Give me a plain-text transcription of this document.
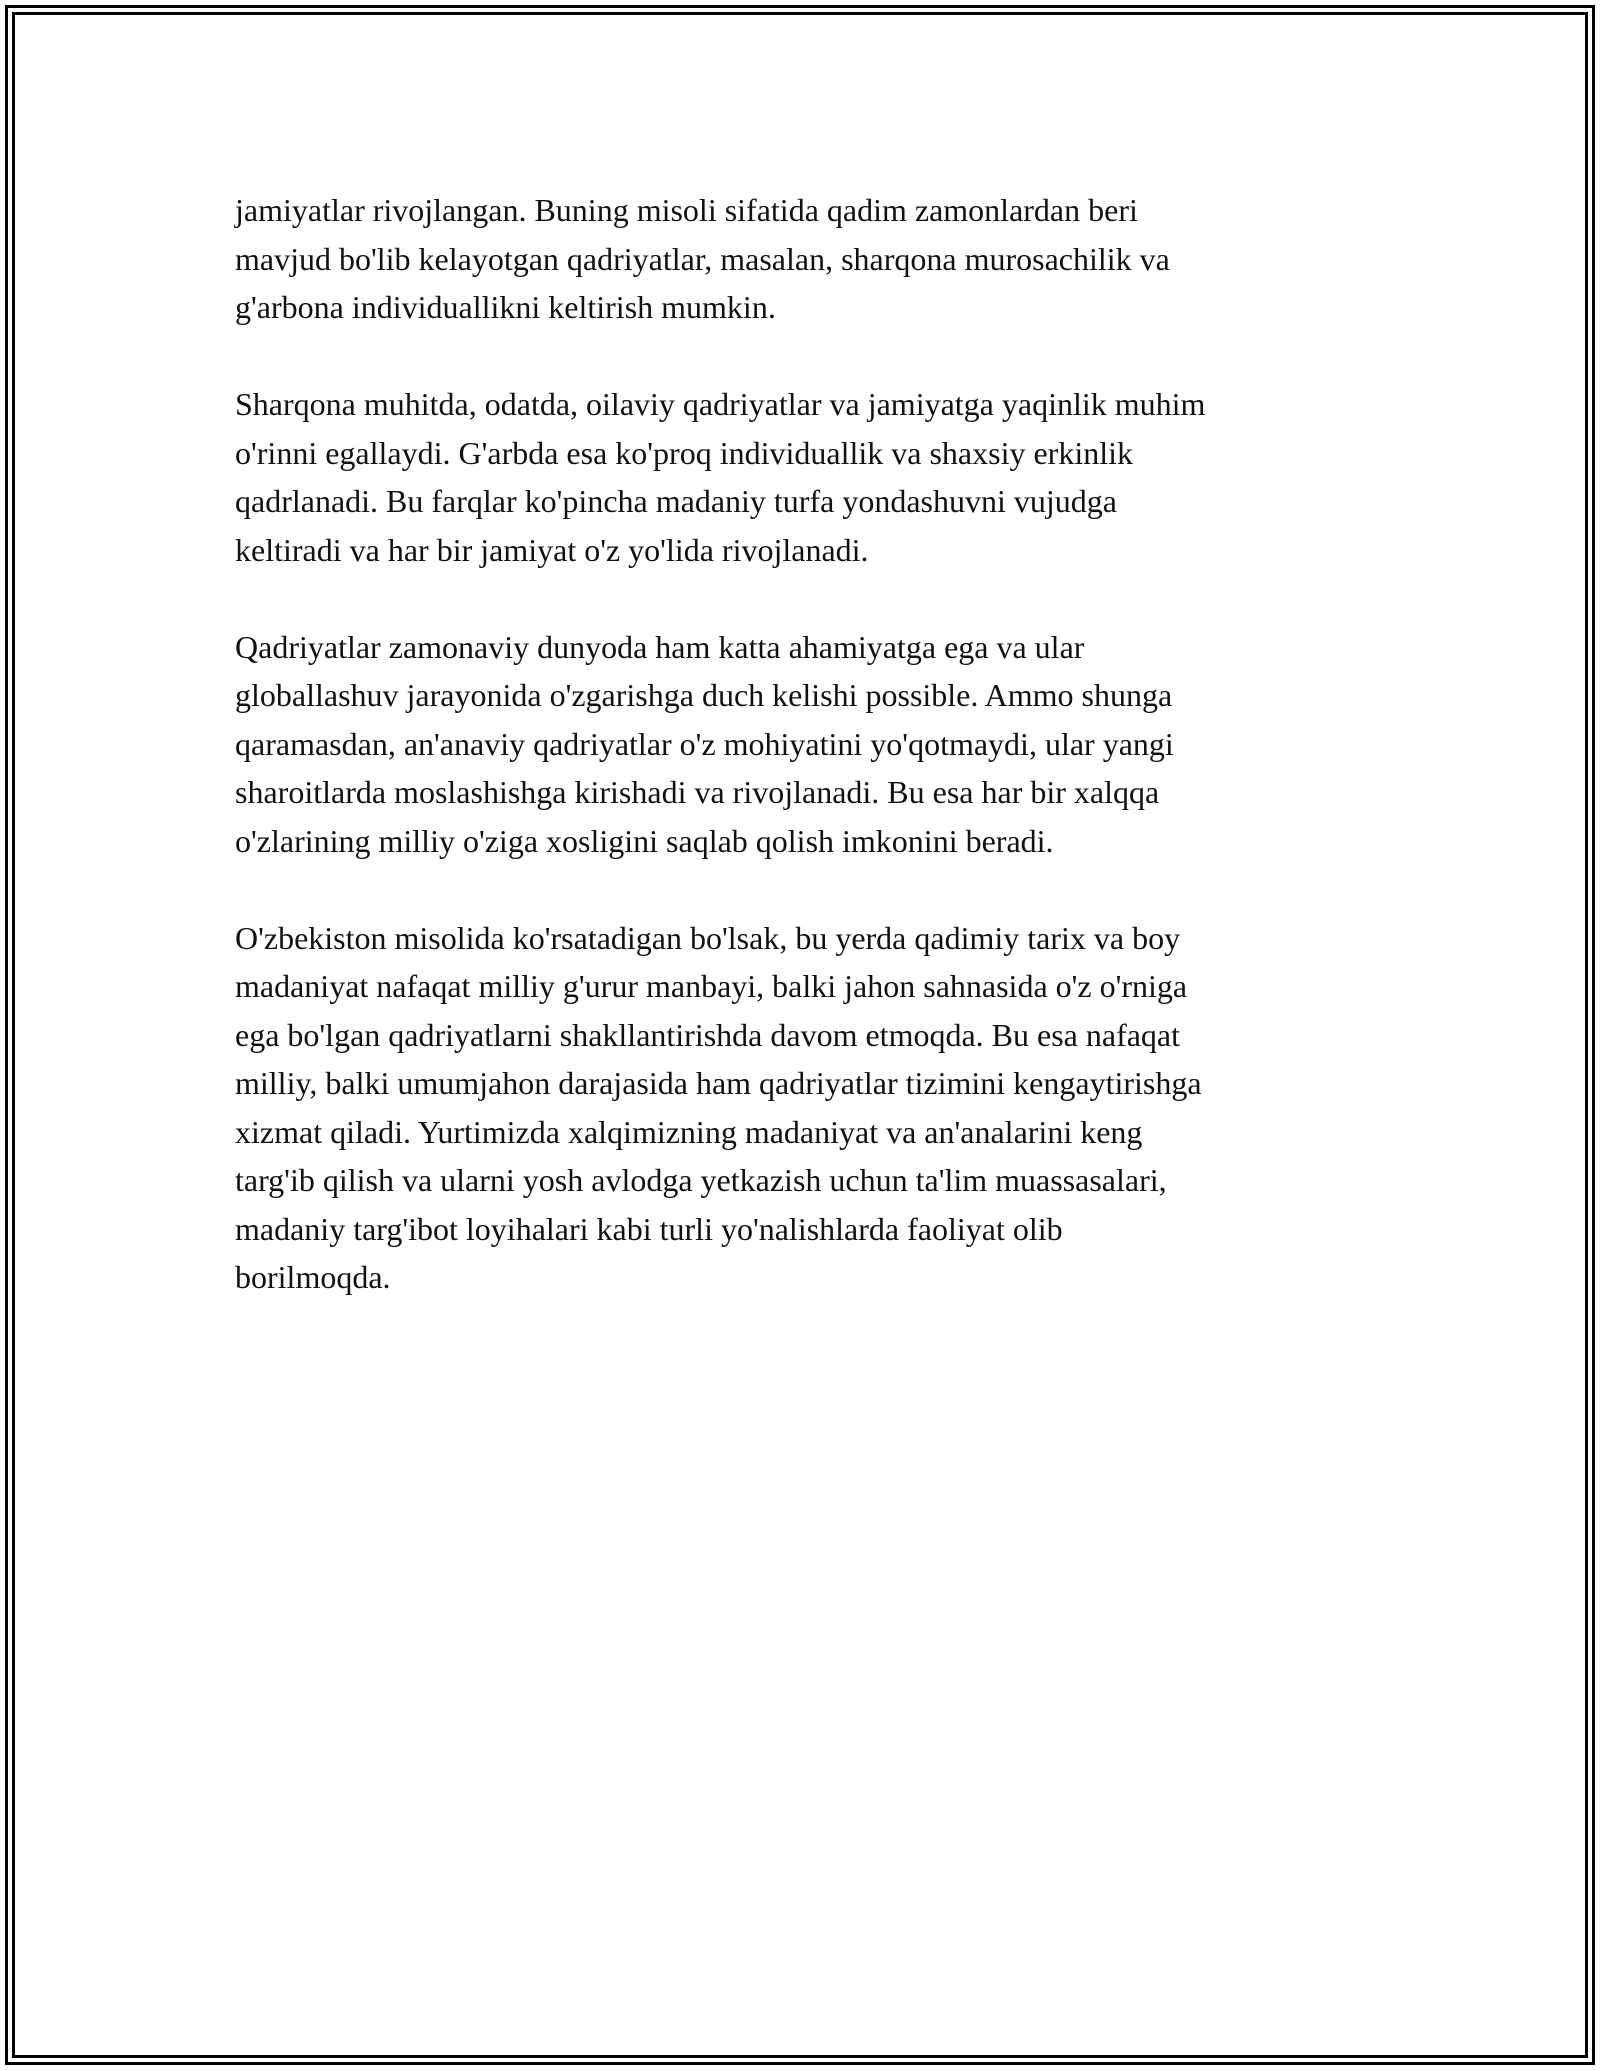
jamiyatlar rivojlangan. Buning misoli sifatida qadim zamonlardan beri
mavjud bo'lib kelayotgan qadriyatlar, masalan, sharqona murosachilik va
g'arbona individuallikni keltirish mumkin.

Sharqona muhitda, odatda, oilaviy qadriyatlar va jamiyatga yaqinlik muhim
o'rinni egallaydi. G'arbda esa ko'proq individuallik va shaxsiy erkinlik
qadrlanadi. Bu farqlar ko'pincha madaniy turfa yondashuvni vujudga
keltiradi va har bir jamiyat o'z yo'lida rivojlanadi.

Qadriyatlar zamonaviy dunyoda ham katta ahamiyatga ega va ular
globallashuv jarayonida o'zgarishga duch kelishi possible. Ammo shunga
qaramasdan, an'anaviy qadriyatlar o'z mohiyatini yo'qotmaydi, ular yangi
sharoitlarda moslashishga kirishadi va rivojlanadi. Bu esa har bir xalqqa
o'zlarining milliy o'ziga xosligini saqlab qolish imkonini beradi.

O'zbekiston misolida ko'rsatadigan bo'lsak, bu yerda qadimiy tarix va boy
madaniyat nafaqat milliy g'urur manbayi, balki jahon sahnasida o'z o'rniga
ega bo'lgan qadriyatlarni shakllantirishda davom etmoqda. Bu esa nafaqat
milliy, balki umumjahon darajasida ham qadriyatlar tizimini kengaytirishga
xizmat qiladi. Yurtimizda xalqimizning madaniyat va an'analarini keng
targ'ib qilish va ularni yosh avlodga yetkazish uchun ta'lim muassasalari,
madaniy targ'ibot loyihalari kabi turli yo'nalishlarda faoliyat olib
borilmoqda.
